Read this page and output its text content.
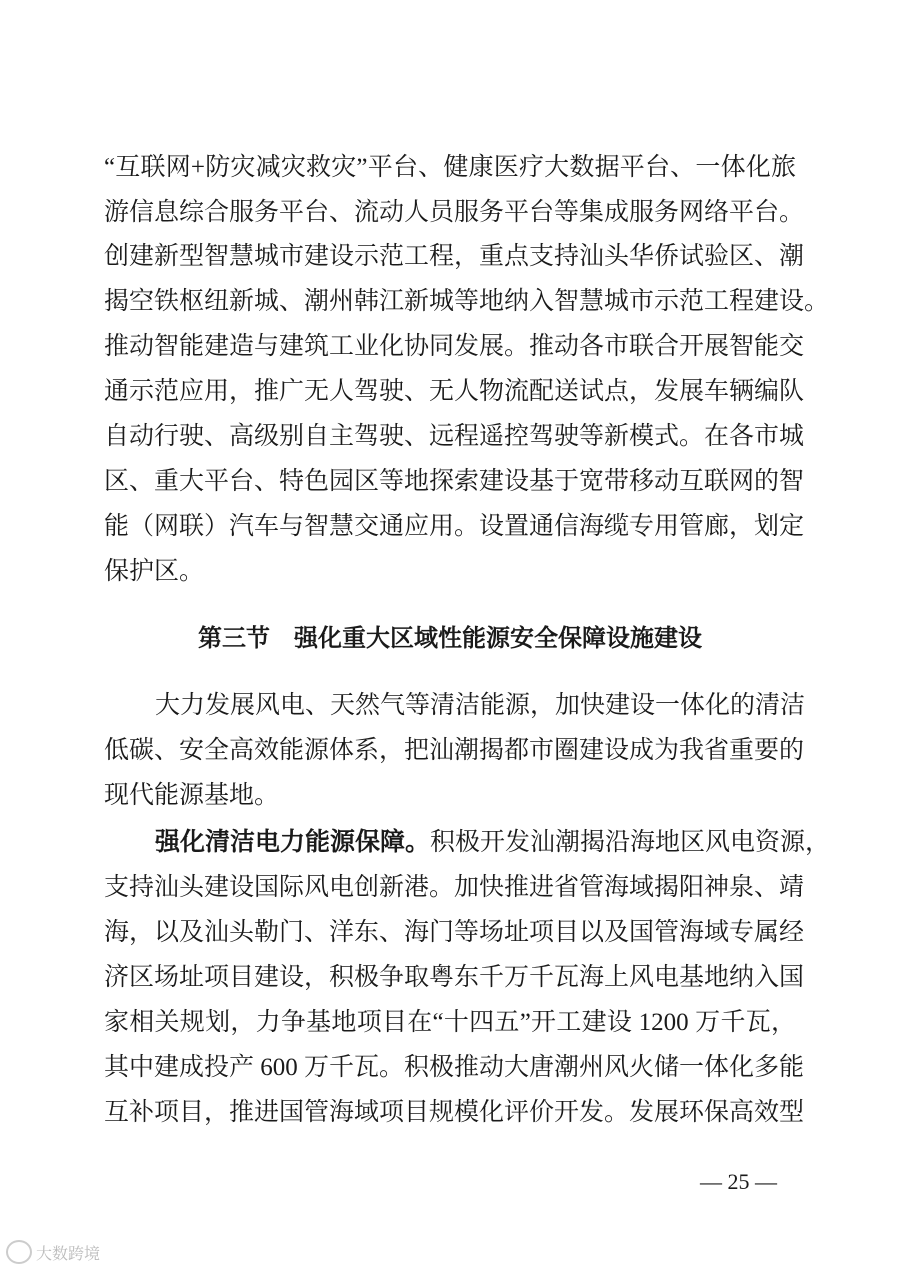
“互联网+防灾减灾救灾”平台、健康医疗大数据平台、一体化旅
游信息综合服务平台、流动人员服务平台等集成服务网络平台。
创建新型智慧城市建设示范工程，重点支持汕头华侨试验区、潮
揭空铁枢纽新城、潮州韩江新城等地纳入智慧城市示范工程建设。
推动智能建造与建筑工业化协同发展。推动各市联合开展智能交
通示范应用，推广无人驾驶、无人物流配送试点，发展车辆编队
自动行驶、高级别自主驾驶、远程遥控驾驶等新模式。在各市城
区、重大平台、特色园区等地探索建设基于宽带移动互联网的智
能（网联）汽车与智慧交通应用。设置通信海缆专用管廊，划定
保护区。
第三节　强化重大区域性能源安全保障设施建设
大力发展风电、天然气等清洁能源，加快建设一体化的清洁
低碳、安全高效能源体系，把汕潮揭都市圈建设成为我省重要的
现代能源基地。
强化清洁电力能源保障。积极开发汕潮揭沿海地区风电资源，
支持汕头建设国际风电创新港。加快推进省管海域揭阳神泉、靖
海，以及汕头勒门、洋东、海门等场址项目以及国管海域专属经
济区场址项目建设，积极争取粤东千万千瓦海上风电基地纳入国
家相关规划，力争基地项目在“十四五”开工建设 1200 万千瓦，
其中建成投产 600 万千瓦。积极推动大唐潮州风火储一体化多能
互补项目，推进国管海域项目规模化评价开发。发展环保高效型
— 25 —
大数跨境
